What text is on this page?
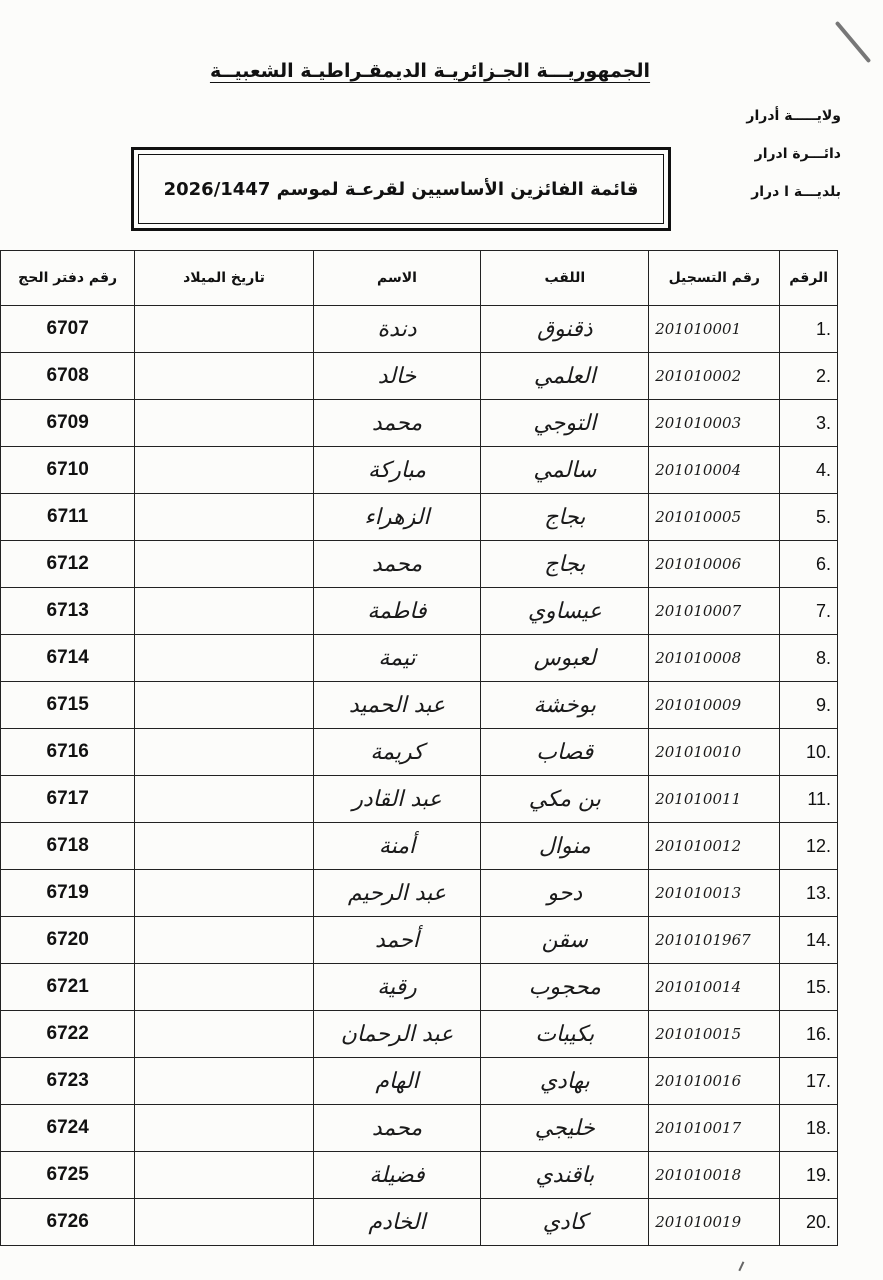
الجمهوريـــة الجـزائريـة الديمقـراطيـة الشعبيــة
ولايـــــة أدرار
دائـــرة ادرار
بلديـــة ا درار
قائمة الفائزين الأساسيين لقرعـة لموسم 2026/1447
الرقم	رقم التسجيل	اللقب	الاسم	تاريخ الميلاد	رقم دفتر الحج
1.	201010001	ذقنوق	دندة		6707
2.	201010002	العلمي	خالد		6708
3.	201010003	التوجي	محمد		6709
4.	201010004	سالمي	مباركة		6710
5.	201010005	بجاج	الزهراء		6711
6.	201010006	بجاج	محمد		6712
7.	201010007	عيساوي	فاطمة		6713
8.	201010008	لعبوس	تيمة		6714
9.	201010009	بوخشة	عبد الحميد		6715
10.	201010010	قصاب	كريمة		6716
11.	201010011	بن مكي	عبد القادر		6717
12.	201010012	منوال	أمنة		6718
13.	201010013	دحو	عبد الرحيم		6719
14.	2010101967	سقن	أحمد		6720
15.	201010014	محجوب	رقية		6721
16.	201010015	بكيبات	عبد الرحمان		6722
17.	201010016	بهادي	الهام		6723
18.	201010017	خليجي	محمد		6724
19.	201010018	باقندي	فضيلة		6725
20.	201010019	كادي	الخادم		6726
